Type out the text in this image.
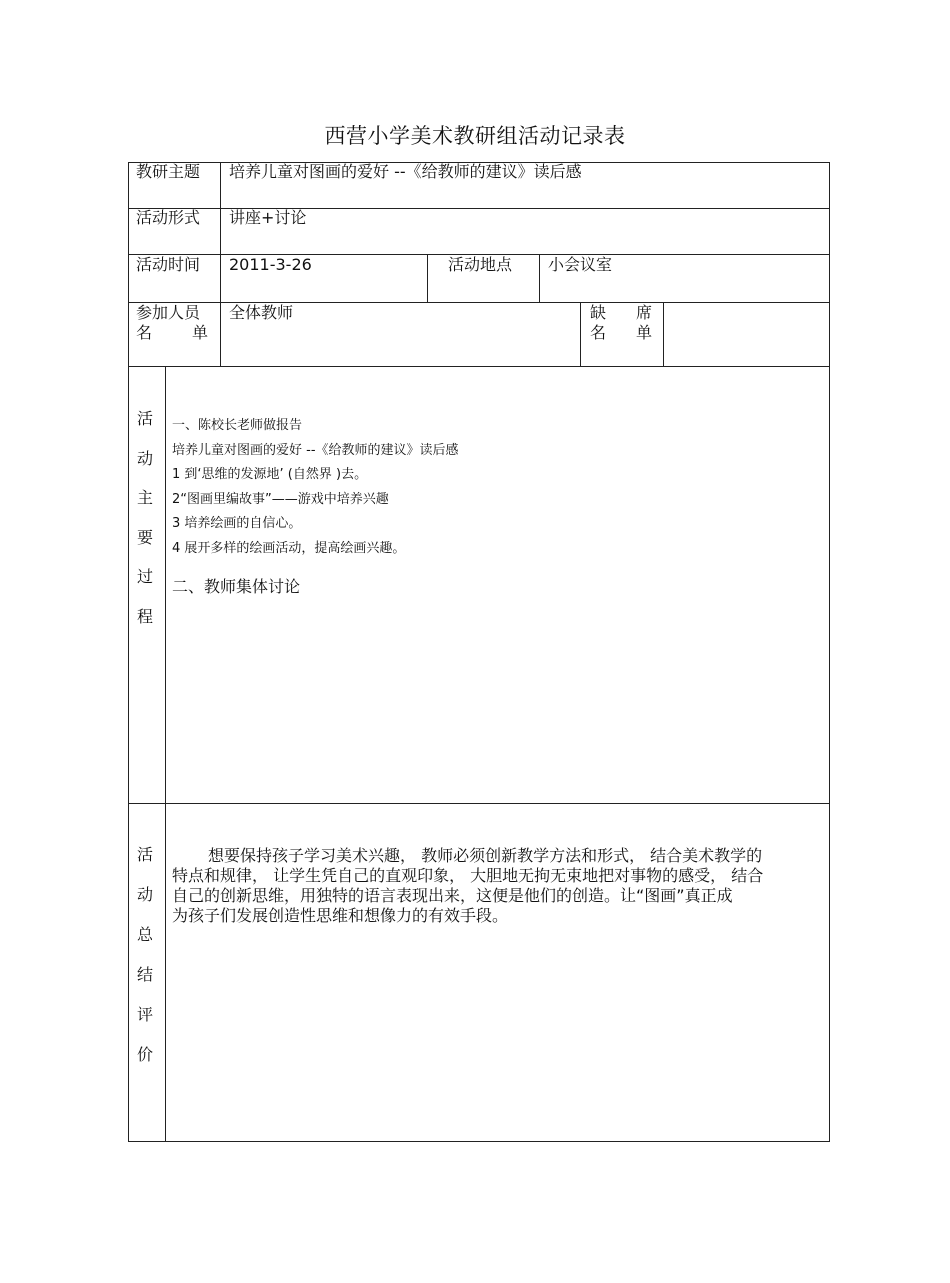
西营小学美术教研组活动记录表
教研主题 培养儿童对图画的爱好 --《给教师的建议》读后感
活动形式 讲座+讨论
活动时间 2011-3-26	活动地点 小会议室
参加人员
名 单
全体教师	缺 席
名 单
活
动
主
要
过
程
一、陈校长老师做报告
培养儿童对图画的爱好 --《给教师的建议》读后感
1 到‘思维的发源地’ (自然界 )去。
2“图画里编故事”——游戏中培养兴趣
3 培养绘画的自信心。
4 展开多样的绘画活动，提高绘画兴趣。
二、教师集体讨论
活
动
总
结
评
价
想要保持孩子学习美术兴趣， 教师必须创新教学方法和形式， 结合美术教学的
特点和规律， 让学生凭自己的直观印象， 大胆地无拘无束地把对事物的感受， 结合
自己的创新思维，用独特的语言表现出来，这便是他们的创造。让“图画”真正成
为孩子们发展创造性思维和想像力的有效手段。
